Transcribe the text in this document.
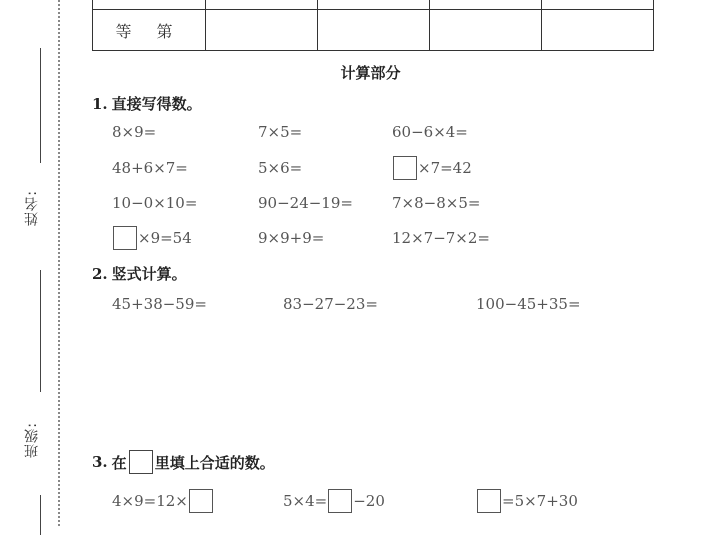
姓名:
班级:

等 第				
计算部分
1. 直接写得数。
8×9=	7×5=	60−6×4=
48+6×7=	5×6=	×7=42
10−0×10=	90−24−19=	7×8−8×5=
×9=54	9×9+9=	12×7−7×2=
2. 竖式计算。
45+38−59=	83−27−23=	100−45+35=
3. 在 里填上合适的数。
4×9=12×	5×4= −20	=5×7+30
